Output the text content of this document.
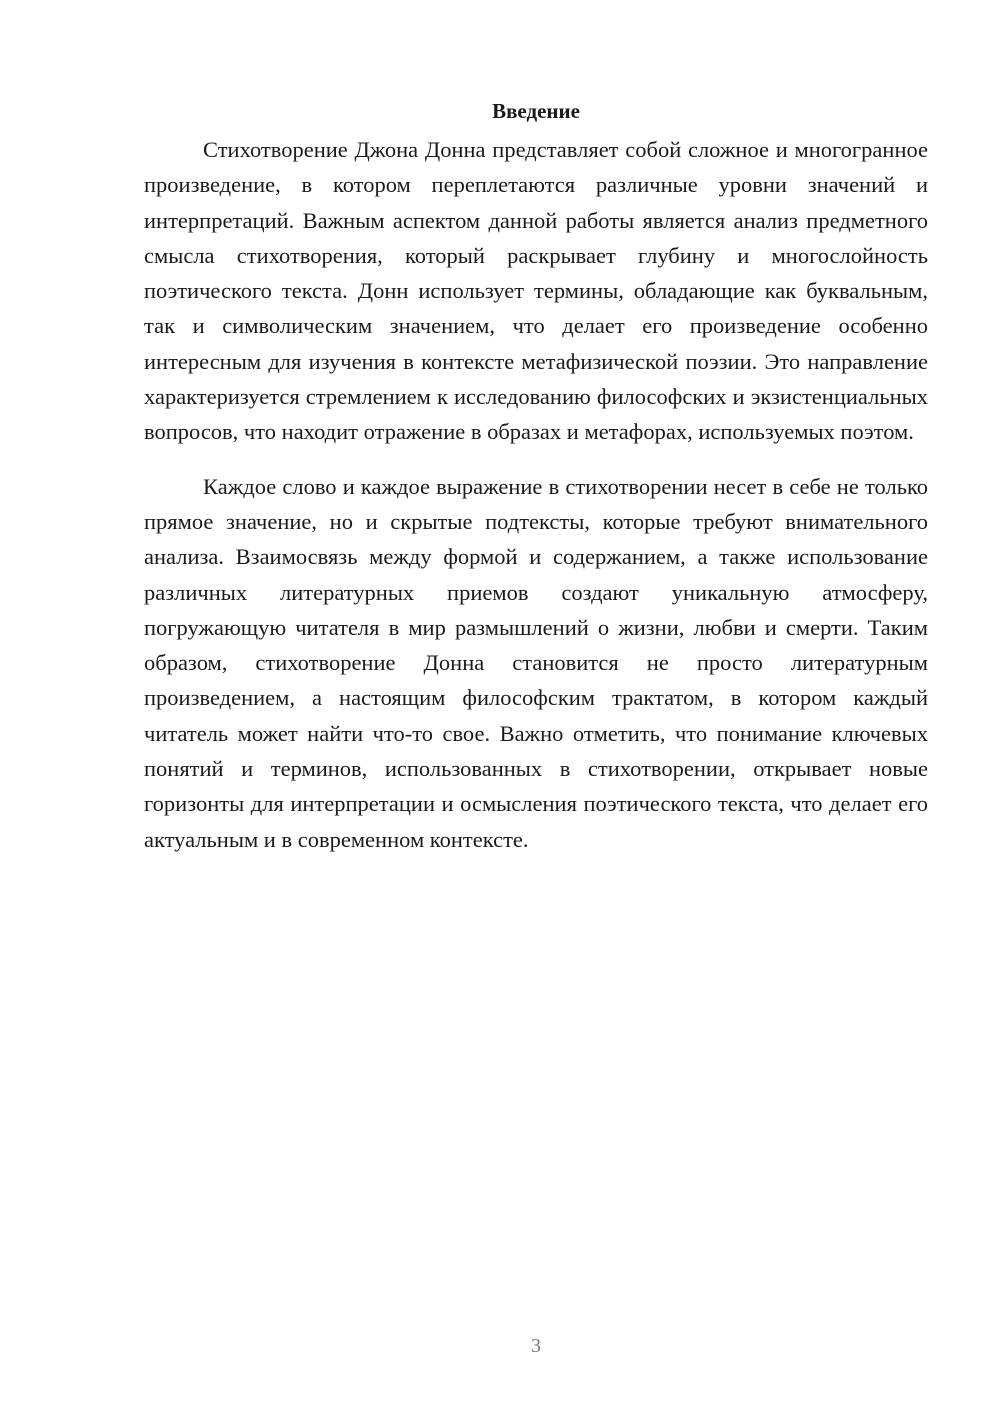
Введение

Стихотворение Джона Донна представляет собой сложное и многогранное произведение, в котором переплетаются различные уровни значений и интерпретаций. Важным аспектом данной работы является анализ предметного смысла стихотворения, который раскрывает глубину и многослойность поэтического текста. Донн использует термины, обладающие как буквальным, так и символическим значением, что делает его произведение особенно интересным для изучения в контексте метафизической поэзии. Это направление характеризуется стремлением к исследованию философских и экзистенциальных вопросов, что находит отражение в образах и метафорах, используемых поэтом.

Каждое слово и каждое выражение в стихотворении несет в себе не только прямое значение, но и скрытые подтексты, которые требуют внимательного анализа. Взаимосвязь между формой и содержанием, а также использование различных литературных приемов создают уникальную атмосферу, погружающую читателя в мир размышлений о жизни, любви и смерти. Таким образом, стихотворение Донна становится не просто литературным произведением, а настоящим философским трактатом, в котором каждый читатель может найти что-то свое. Важно отметить, что понимание ключевых понятий и терминов, использованных в стихотворении, открывает новые горизонты для интерпретации и осмысления поэтического текста, что делает его актуальным и в современном контексте.

3
